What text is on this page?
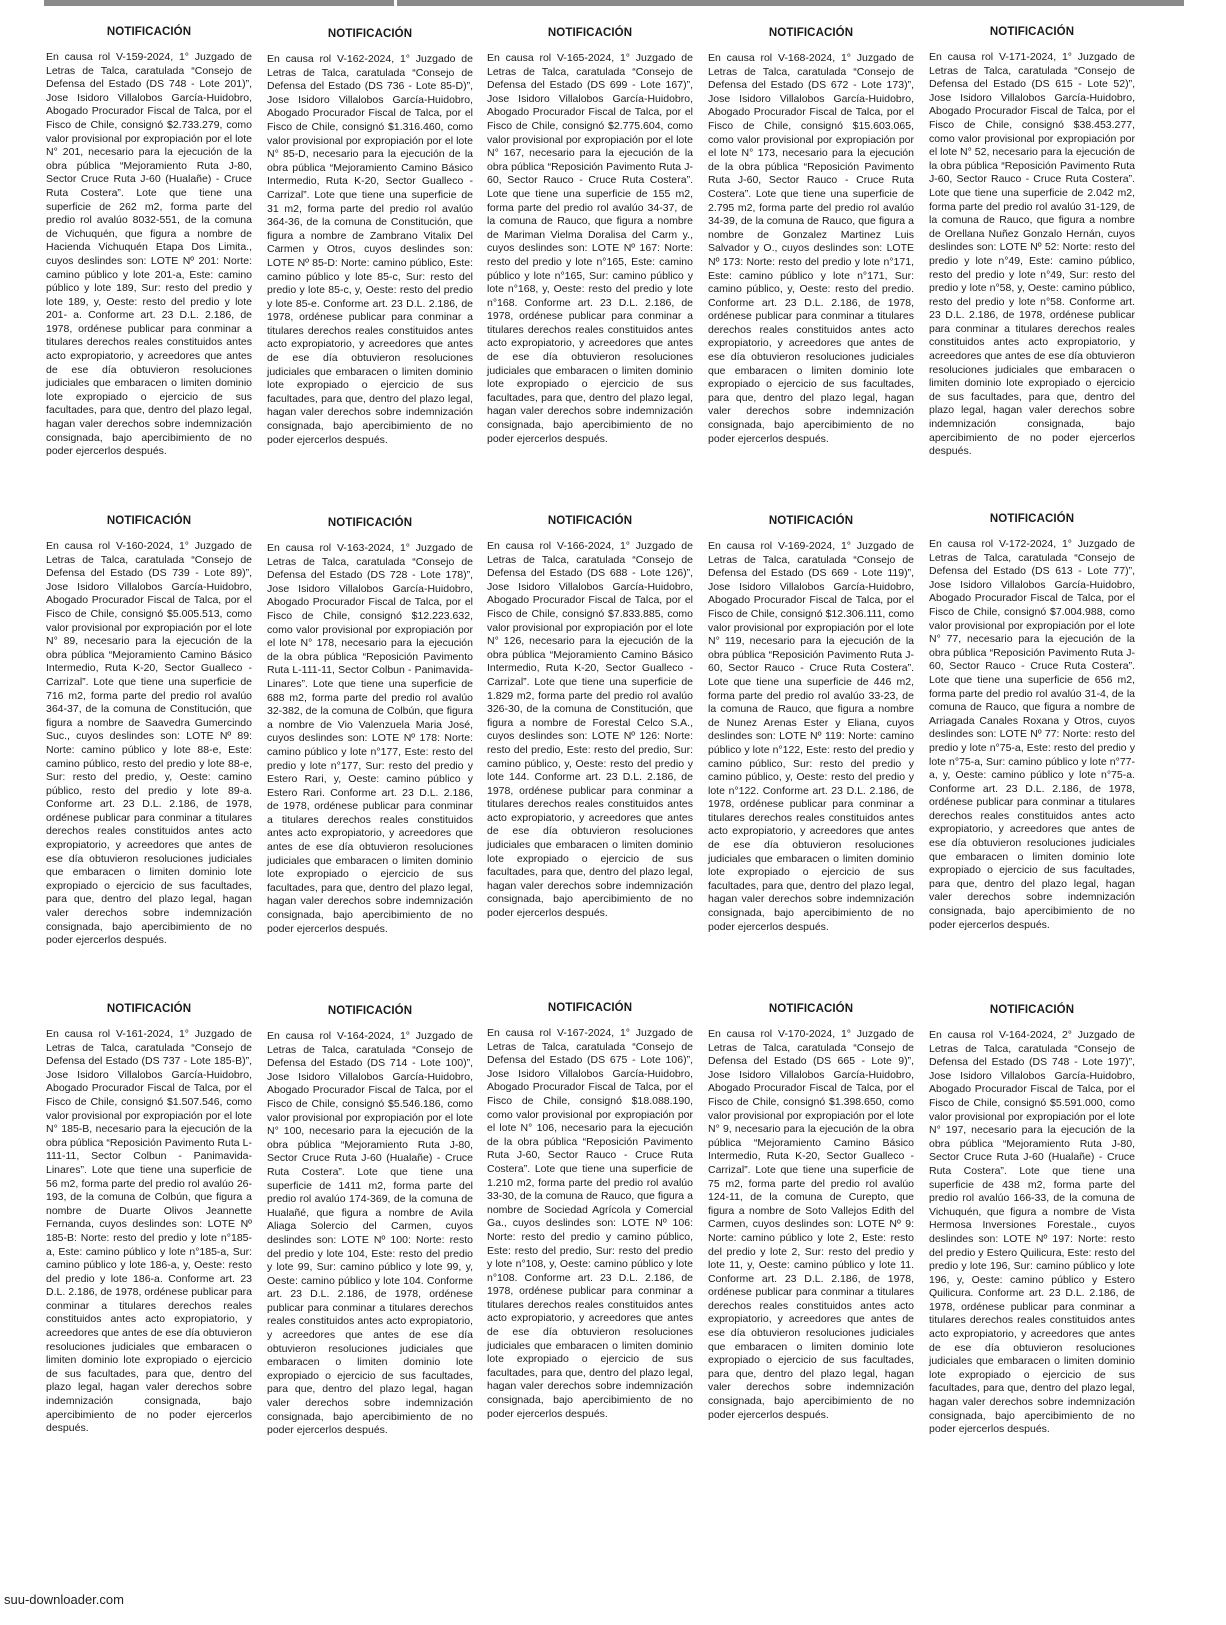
NOTIFICACIÓN

En causa rol V-159-2024, 1° Juzgado de Letras de Talca, caratulada “Consejo de Defensa del Estado (DS 748 - Lote 201)”, Jose Isidoro Villalobos García-Huidobro, Abogado Procurador Fiscal de Talca, por el Fisco de Chile, consignó $2.733.279, como valor provisional por expropiación por el lote N° 201, necesario para la ejecución de la obra pública “Mejoramiento Ruta J-80, Sector Cruce Ruta J-60 (Hualañe) - Cruce Ruta Costera”. Lote que tiene una superficie de 262 m2, forma parte del predio rol avalúo 8032-551, de la comuna de Vichuquén, que figura a nombre de Hacienda Vichuquén Etapa Dos Limita., cuyos deslindes son: LOTE Nº 201: Norte: camino público y lote 201-a, Este: camino público y lote 189, Sur: resto del predio y lote 189, y, Oeste: resto del predio y lote 201- a. Conforme art. 23 D.L. 2.186, de 1978, ordénese publicar para conminar a titulares derechos reales constituidos antes acto expropiatorio, y acreedores que antes de ese día obtuvieron resoluciones judiciales que embaracen o limiten dominio lote expropiado o ejercicio de sus facultades, para que, dentro del plazo legal, hagan valer derechos sobre indemnización consignada, bajo apercibimiento de no poder ejercerlos después.

NOTIFICACIÓN

En causa rol V-160-2024, 1° Juzgado de Letras de Talca, caratulada “Consejo de Defensa del Estado (DS 739 - Lote 89)”, Jose Isidoro Villalobos García-Huidobro, Abogado Procurador Fiscal de Talca, por el Fisco de Chile, consignó $5.005.513, como valor provisional por expropiación por el lote N° 89, necesario para la ejecución de la obra pública “Mejoramiento Camino Básico Intermedio, Ruta K-20, Sector Gualleco - Carrizal”. Lote que tiene una superficie de 716 m2, forma parte del predio rol avalúo 364-37, de la comuna de Constitución, que figura a nombre de Saavedra Gumercindo Suc., cuyos deslindes son: LOTE Nº 89: Norte: camino público y lote 88-e, Este: camino público, resto del predio y lote 88-e, Sur: resto del predio, y, Oeste: camino público, resto del predio y lote 89-a. Conforme art. 23 D.L. 2.186, de 1978, ordénese publicar para conminar a titulares derechos reales constituidos antes acto expropiatorio, y acreedores que antes de ese día obtuvieron resoluciones judiciales que embaracen o limiten dominio lote expropiado o ejercicio de sus facultades, para que, dentro del plazo legal, hagan valer derechos sobre indemnización consignada, bajo apercibimiento de no poder ejercerlos después.

NOTIFICACIÓN

En causa rol V-161-2024, 1° Juzgado de Letras de Talca, caratulada “Consejo de Defensa del Estado (DS 737 - Lote 185-B)”, Jose Isidoro Villalobos García-Huidobro, Abogado Procurador Fiscal de Talca, por el Fisco de Chile, consignó $1.507.546, como valor provisional por expropiación por el lote N° 185-B, necesario para la ejecución de la obra pública “Reposición Pavimento Ruta L-111-11, Sector Colbun - Panimavida-Linares”. Lote que tiene una superficie de 56 m2, forma parte del predio rol avalúo 26-193, de la comuna de Colbún, que figura a nombre de Duarte Olivos Jeannette Fernanda, cuyos deslindes son: LOTE Nº 185-B: Norte: resto del predio y lote n°185-a, Este: camino público y lote n°185-a, Sur: camino público y lote 186-a, y, Oeste: resto del predio y lote 186-a. Conforme art. 23 D.L. 2.186, de 1978, ordénese publicar para conminar a titulares derechos reales constituidos antes acto expropiatorio, y acreedores que antes de ese día obtuvieron resoluciones judiciales que embaracen o limiten dominio lote expropiado o ejercicio de sus facultades, para que, dentro del plazo legal, hagan valer derechos sobre indemnización consignada, bajo apercibimiento de no poder ejercerlos después.

NOTIFICACIÓN

En causa rol V-162-2024, 1° Juzgado de Letras de Talca, caratulada “Consejo de Defensa del Estado (DS 736 - Lote 85-D)”, Jose Isidoro Villalobos García-Huidobro, Abogado Procurador Fiscal de Talca, por el Fisco de Chile, consignó $1.316.460, como valor provisional por expropiación por el lote N° 85-D, necesario para la ejecución de la obra pública “Mejoramiento Camino Básico Intermedio, Ruta K-20, Sector Gualleco - Carrizal”. Lote que tiene una superficie de 31 m2, forma parte del predio rol avalúo 364-36, de la comuna de Constitución, que figura a nombre de Zambrano Vitalix Del Carmen y Otros, cuyos deslindes son: LOTE Nº 85-D: Norte: camino público, Este: camino público y lote 85-c, Sur: resto del predio y lote 85-c, y, Oeste: resto del predio y lote 85-e. Conforme art. 23 D.L. 2.186, de 1978, ordénese publicar para conminar a titulares derechos reales constituidos antes acto expropiatorio, y acreedores que antes de ese día obtuvieron resoluciones judiciales que embaracen o limiten dominio lote expropiado o ejercicio de sus facultades, para que, dentro del plazo legal, hagan valer derechos sobre indemnización consignada, bajo apercibimiento de no poder ejercerlos después.

NOTIFICACIÓN

En causa rol V-163-2024, 1° Juzgado de Letras de Talca, caratulada “Consejo de Defensa del Estado (DS 728 - Lote 178)”, Jose Isidoro Villalobos García-Huidobro, Abogado Procurador Fiscal de Talca, por el Fisco de Chile, consignó $12.223.632, como valor provisional por expropiación por el lote N° 178, necesario para la ejecución de la obra pública “Reposición Pavimento Ruta L-111-11, Sector Colbun - Panimavida-Linares”. Lote que tiene una superficie de 688 m2, forma parte del predio rol avalúo 32-382, de la comuna de Colbún, que figura a nombre de Vio Valenzuela Maria José, cuyos deslindes son: LOTE Nº 178: Norte: camino público y lote n°177, Este: resto del predio y lote n°177, Sur: resto del predio y Estero Rari, y, Oeste: camino público y Estero Rari. Conforme art. 23 D.L. 2.186, de 1978, ordénese publicar para conminar a titulares derechos reales constituidos antes acto expropiatorio, y acreedores que antes de ese día obtuvieron resoluciones judiciales que embaracen o limiten dominio lote expropiado o ejercicio de sus facultades, para que, dentro del plazo legal, hagan valer derechos sobre indemnización consignada, bajo apercibimiento de no poder ejercerlos después.

NOTIFICACIÓN

En causa rol V-164-2024, 1° Juzgado de Letras de Talca, caratulada “Consejo de Defensa del Estado (DS 714 - Lote 100)”, Jose Isidoro Villalobos García-Huidobro, Abogado Procurador Fiscal de Talca, por el Fisco de Chile, consignó $5.546.186, como valor provisional por expropiación por el lote N° 100, necesario para la ejecución de la obra pública “Mejoramiento Ruta J-80, Sector Cruce Ruta J-60 (Hualañe) - Cruce Ruta Costera”. Lote que tiene una superficie de 1411 m2, forma parte del predio rol avalúo 174-369, de la comuna de Hualañé, que figura a nombre de Avila Aliaga Solercio del Carmen, cuyos deslindes son: LOTE Nº 100: Norte: resto del predio y lote 104, Este: resto del predio y lote 99, Sur: camino público y lote 99, y, Oeste: camino público y lote 104. Conforme art. 23 D.L. 2.186, de 1978, ordénese publicar para conminar a titulares derechos reales constituidos antes acto expropiatorio, y acreedores que antes de ese día obtuvieron resoluciones judiciales que embaracen o limiten dominio lote expropiado o ejercicio de sus facultades, para que, dentro del plazo legal, hagan valer derechos sobre indemnización consignada, bajo apercibimiento de no poder ejercerlos después.

NOTIFICACIÓN

En causa rol V-165-2024, 1° Juzgado de Letras de Talca, caratulada “Consejo de Defensa del Estado (DS 699 - Lote 167)”, Jose Isidoro Villalobos García-Huidobro, Abogado Procurador Fiscal de Talca, por el Fisco de Chile, consignó $2.775.604, como valor provisional por expropiación por el lote N° 167, necesario para la ejecución de la obra pública “Reposición Pavimento Ruta J-60, Sector Rauco - Cruce Ruta Costera”. Lote que tiene una superficie de 155 m2, forma parte del predio rol avalúo 34-37, de la comuna de Rauco, que figura a nombre de Mariman Vielma Doralisa del Carm y., cuyos deslindes son: LOTE Nº 167: Norte: resto del predio y lote n°165, Este: camino público y lote n°165, Sur: camino público y lote n°168, y, Oeste: resto del predio y lote n°168. Conforme art. 23 D.L. 2.186, de 1978, ordénese publicar para conminar a titulares derechos reales constituidos antes acto expropiatorio, y acreedores que antes de ese día obtuvieron resoluciones judiciales que embaracen o limiten dominio lote expropiado o ejercicio de sus facultades, para que, dentro del plazo legal, hagan valer derechos sobre indemnización consignada, bajo apercibimiento de no poder ejercerlos después.

NOTIFICACIÓN

En causa rol V-166-2024, 1° Juzgado de Letras de Talca, caratulada “Consejo de Defensa del Estado (DS 688 - Lote 126)”, Jose Isidoro Villalobos García-Huidobro, Abogado Procurador Fiscal de Talca, por el Fisco de Chile, consignó $7.833.885, como valor provisional por expropiación por el lote N° 126, necesario para la ejecución de la obra pública “Mejoramiento Camino Básico Intermedio, Ruta K-20, Sector Gualleco - Carrizal”. Lote que tiene una superficie de 1.829 m2, forma parte del predio rol avalúo 326-30, de la comuna de Constitución, que figura a nombre de Forestal Celco S.A., cuyos deslindes son: LOTE Nº 126: Norte: resto del predio, Este: resto del predio, Sur: camino público, y, Oeste: resto del predio y lote 144. Conforme art. 23 D.L. 2.186, de 1978, ordénese publicar para conminar a titulares derechos reales constituidos antes acto expropiatorio, y acreedores que antes de ese día obtuvieron resoluciones judiciales que embaracen o limiten dominio lote expropiado o ejercicio de sus facultades, para que, dentro del plazo legal, hagan valer derechos sobre indemnización consignada, bajo apercibimiento de no poder ejercerlos después.

NOTIFICACIÓN

En causa rol V-167-2024, 1° Juzgado de Letras de Talca, caratulada “Consejo de Defensa del Estado (DS 675 - Lote 106)”, Jose Isidoro Villalobos García-Huidobro, Abogado Procurador Fiscal de Talca, por el Fisco de Chile, consignó $18.088.190, como valor provisional por expropiación por el lote N° 106, necesario para la ejecución de la obra pública “Reposición Pavimento Ruta J-60, Sector Rauco - Cruce Ruta Costera”. Lote que tiene una superficie de 1.210 m2, forma parte del predio rol avalúo 33-30, de la comuna de Rauco, que figura a nombre de Sociedad Agrícola y Comercial Ga., cuyos deslindes son: LOTE Nº 106: Norte: resto del predio y camino público, Este: resto del predio, Sur: resto del predio y lote n°108, y, Oeste: camino público y lote n°108. Conforme art. 23 D.L. 2.186, de 1978, ordénese publicar para conminar a titulares derechos reales constituidos antes acto expropiatorio, y acreedores que antes de ese día obtuvieron resoluciones judiciales que embaracen o limiten dominio lote expropiado o ejercicio de sus facultades, para que, dentro del plazo legal, hagan valer derechos sobre indemnización consignada, bajo apercibimiento de no poder ejercerlos después.

NOTIFICACIÓN

En causa rol V-168-2024, 1° Juzgado de Letras de Talca, caratulada “Consejo de Defensa del Estado (DS 672 - Lote 173)”, Jose Isidoro Villalobos García-Huidobro, Abogado Procurador Fiscal de Talca, por el Fisco de Chile, consignó $15.603.065, como valor provisional por expropiación por el lote N° 173, necesario para la ejecución de la obra pública “Reposición Pavimento Ruta J-60, Sector Rauco - Cruce Ruta Costera”. Lote que tiene una superficie de 2.795 m2, forma parte del predio rol avalúo 34-39, de la comuna de Rauco, que figura a nombre de Gonzalez Martinez Luis Salvador y O., cuyos deslindes son: LOTE Nº 173: Norte: resto del predio y lote n°171, Este: camino público y lote n°171, Sur: camino público, y, Oeste: resto del predio. Conforme art. 23 D.L. 2.186, de 1978, ordénese publicar para conminar a titulares derechos reales constituidos antes acto expropiatorio, y acreedores que antes de ese día obtuvieron resoluciones judiciales que embaracen o limiten dominio lote expropiado o ejercicio de sus facultades, para que, dentro del plazo legal, hagan valer derechos sobre indemnización consignada, bajo apercibimiento de no poder ejercerlos después.

NOTIFICACIÓN

En causa rol V-169-2024, 1° Juzgado de Letras de Talca, caratulada “Consejo de Defensa del Estado (DS 669 - Lote 119)”, Jose Isidoro Villalobos García-Huidobro, Abogado Procurador Fiscal de Talca, por el Fisco de Chile, consignó $12.306.111, como valor provisional por expropiación por el lote N° 119, necesario para la ejecución de la obra pública “Reposición Pavimento Ruta J-60, Sector Rauco - Cruce Ruta Costera”. Lote que tiene una superficie de 446 m2, forma parte del predio rol avalúo 33-23, de la comuna de Rauco, que figura a nombre de Nunez Arenas Ester y Eliana, cuyos deslindes son: LOTE Nº 119: Norte: camino público y lote n°122, Este: resto del predio y camino público, Sur: resto del predio y camino público, y, Oeste: resto del predio y lote n°122. Conforme art. 23 D.L. 2.186, de 1978, ordénese publicar para conminar a titulares derechos reales constituidos antes acto expropiatorio, y acreedores que antes de ese día obtuvieron resoluciones judiciales que embaracen o limiten dominio lote expropiado o ejercicio de sus facultades, para que, dentro del plazo legal, hagan valer derechos sobre indemnización consignada, bajo apercibimiento de no poder ejercerlos después.

NOTIFICACIÓN

En causa rol V-170-2024, 1° Juzgado de Letras de Talca, caratulada “Consejo de Defensa del Estado (DS 665 - Lote 9)”, Jose Isidoro Villalobos García-Huidobro, Abogado Procurador Fiscal de Talca, por el Fisco de Chile, consignó $1.398.650, como valor provisional por expropiación por el lote N° 9, necesario para la ejecución de la obra pública “Mejoramiento Camino Básico Intermedio, Ruta K-20, Sector Gualleco - Carrizal”. Lote que tiene una superficie de 75 m2, forma parte del predio rol avalúo 124-11, de la comuna de Curepto, que figura a nombre de Soto Vallejos Edith del Carmen, cuyos deslindes son: LOTE Nº 9: Norte: camino público y lote 2, Este: resto del predio y lote 2, Sur: resto del predio y lote 11, y, Oeste: camino público y lote 11. Conforme art. 23 D.L. 2.186, de 1978, ordénese publicar para conminar a titulares derechos reales constituidos antes acto expropiatorio, y acreedores que antes de ese día obtuvieron resoluciones judiciales que embaracen o limiten dominio lote expropiado o ejercicio de sus facultades, para que, dentro del plazo legal, hagan valer derechos sobre indemnización consignada, bajo apercibimiento de no poder ejercerlos después.

NOTIFICACIÓN

En causa rol V-171-2024, 1° Juzgado de Letras de Talca, caratulada “Consejo de Defensa del Estado (DS 615 - Lote 52)”, Jose Isidoro Villalobos García-Huidobro, Abogado Procurador Fiscal de Talca, por el Fisco de Chile, consignó $38.453.277, como valor provisional por expropiación por el lote N° 52, necesario para la ejecución de la obra pública “Reposición Pavimento Ruta J-60, Sector Rauco - Cruce Ruta Costera”. Lote que tiene una superficie de 2.042 m2, forma parte del predio rol avalúo 31-129, de la comuna de Rauco, que figura a nombre de Orellana Nuñez Gonzalo Hernán, cuyos deslindes son: LOTE Nº 52: Norte: resto del predio y lote n°49, Este: camino público, resto del predio y lote n°49, Sur: resto del predio y lote n°58, y, Oeste: camino público, resto del predio y lote n°58. Conforme art. 23 D.L. 2.186, de 1978, ordénese publicar para conminar a titulares derechos reales constituidos antes acto expropiatorio, y acreedores que antes de ese día obtuvieron resoluciones judiciales que embaracen o limiten dominio lote expropiado o ejercicio de sus facultades, para que, dentro del plazo legal, hagan valer derechos sobre indemnización consignada, bajo apercibimiento de no poder ejercerlos después.

NOTIFICACIÓN

En causa rol V-172-2024, 1° Juzgado de Letras de Talca, caratulada “Consejo de Defensa del Estado (DS 613 - Lote 77)”, Jose Isidoro Villalobos García-Huidobro, Abogado Procurador Fiscal de Talca, por el Fisco de Chile, consignó $7.004.988, como valor provisional por expropiación por el lote N° 77, necesario para la ejecución de la obra pública “Reposición Pavimento Ruta J-60, Sector Rauco - Cruce Ruta Costera”. Lote que tiene una superficie de 656 m2, forma parte del predio rol avalúo 31-4, de la comuna de Rauco, que figura a nombre de Arriagada Canales Roxana y Otros, cuyos deslindes son: LOTE Nº 77: Norte: resto del predio y lote n°75-a, Este: resto del predio y lote n°75-a, Sur: camino público y lote n°77-a, y, Oeste: camino público y lote n°75-a. Conforme art. 23 D.L. 2.186, de 1978, ordénese publicar para conminar a titulares derechos reales constituidos antes acto expropiatorio, y acreedores que antes de ese día obtuvieron resoluciones judiciales que embaracen o limiten dominio lote expropiado o ejercicio de sus facultades, para que, dentro del plazo legal, hagan valer derechos sobre indemnización consignada, bajo apercibimiento de no poder ejercerlos después.

NOTIFICACIÓN

En causa rol V-164-2024, 2° Juzgado de Letras de Talca, caratulada “Consejo de Defensa del Estado (DS 748 - Lote 197)”, Jose Isidoro Villalobos García-Huidobro, Abogado Procurador Fiscal de Talca, por el Fisco de Chile, consignó $5.591.000, como valor provisional por expropiación por el lote N° 197, necesario para la ejecución de la obra pública “Mejoramiento Ruta J-80, Sector Cruce Ruta J-60 (Hualañe) - Cruce Ruta Costera”. Lote que tiene una superficie de 438 m2, forma parte del predio rol avalúo 166-33, de la comuna de Vichuquén, que figura a nombre de Vista Hermosa Inversiones Forestale., cuyos deslindes son: LOTE Nº 197: Norte: resto del predio y Estero Quilicura, Este: resto del predio y lote 196, Sur: camino público y lote 196, y, Oeste: camino público y Estero Quilicura. Conforme art. 23 D.L. 2.186, de 1978, ordénese publicar para conminar a titulares derechos reales constituidos antes acto expropiatorio, y acreedores que antes de ese día obtuvieron resoluciones judiciales que embaracen o limiten dominio lote expropiado o ejercicio de sus facultades, para que, dentro del plazo legal, hagan valer derechos sobre indemnización consignada, bajo apercibimiento de no poder ejercerlos después.

suu-downloader.com
